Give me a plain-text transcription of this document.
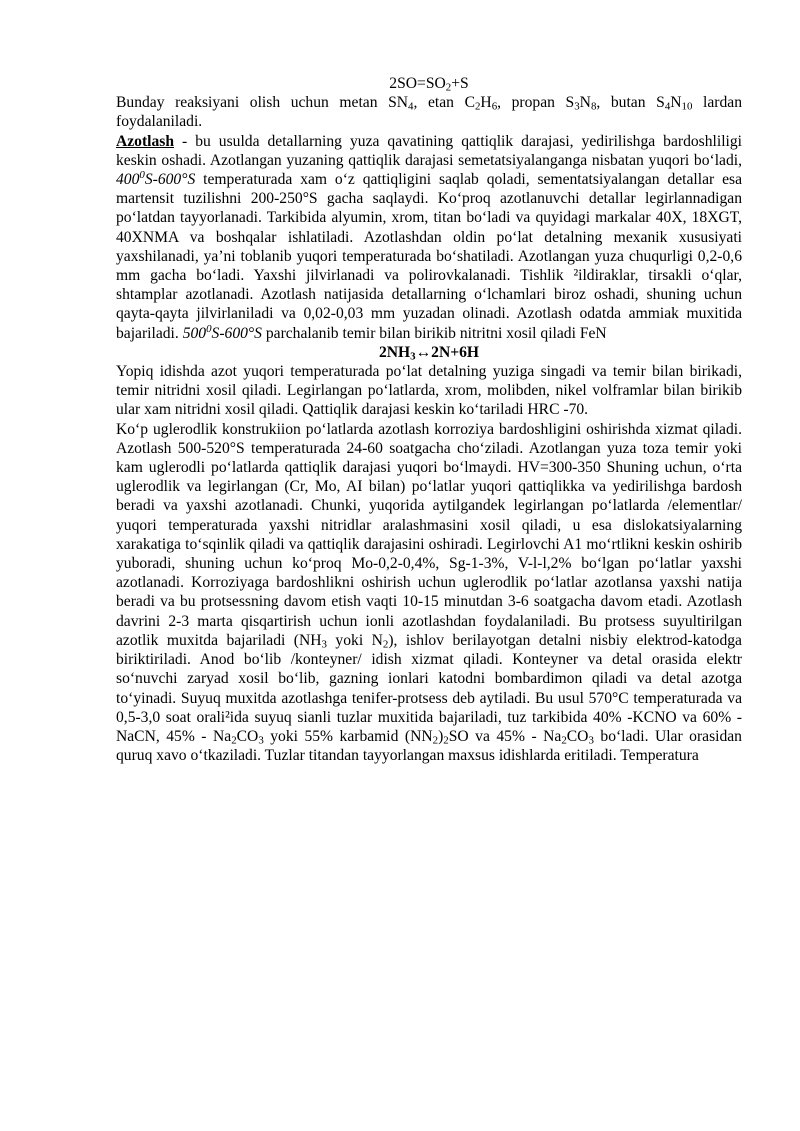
$2SO=SO_2+S$

Bunday reaksiyani olish uchun metan $SN_4$, etan $C_2H_6$, propan $S_3N_8$, butan $S_4N_{10}$ lardan foydalaniladi.

Azotlash - bu usulda detallarning yuza qavatining qattiqlik darajasi, yedirilishga bardoshliligi keskin oshadi. Azotlangan yuzaning qattiqlik darajasi semetatsiyalanganga nisbatan yuqori bo‘ladi, $400^0S-600^\circ S$ temperaturada xam o‘z qattiqligini saqlab qoladi, sementatsiyalangan detallar esa martensit tuzilishni 200-250°S gacha saqlaydi. Ko‘proq azotlanuvchi detallar legirlannadigan po‘latdan tayyorlanadi. Tarkibida alyumin, xrom, titan bo‘ladi va quyidagi markalar 40X, 18XGT, 40XNMA va boshqalar ishlatiladi. Azotlashdan oldin po‘lat detalning mexanik xususiyati yaxshilanadi, ya’ni toblanib yuqori temperaturada bo‘shatiladi. Azotlangan yuza chuqurligi 0,2-0,6 mm gacha bo‘ladi. Yaxshi jilvirlanadi va polirovkalanadi. Tishlik ²ildiraklar, tirsakli o‘qlar, shtamplar azotlanadi. Azotlash natijasida detallarning o‘lchamlari biroz oshadi, shuning uchun qayta-qayta jilvirlaniladi va 0,02-0,03 mm yuzadan olinadi. Azotlash odatda ammiak muxitida bajariladi. $500^0S-600^\circ S$ parchalanib temir bilan birikib nitritni xosil qiladi FeN

$2NH_3\leftrightarrow 2N+6H$

Yopiq idishda azot yuqori temperaturada po‘lat detalning yuziga singadi va temir bilan birikadi, temir nitridni xosil qiladi. Legirlangan po‘latlarda, xrom, molibden, nikel volframlar bilan birikib ular xam nitridni xosil qiladi. Qattiqlik darajasi keskin ko‘tariladi HRC -70.

Ko‘p uglerodlik konstrukiion po‘latlarda azotlash korroziya bardoshligini oshirishda xizmat qiladi. Azotlash 500-520°S temperaturada 24-60 soatgacha cho‘ziladi. Azotlangan yuza toza temir yoki kam uglerodli po‘latlarda qattiqlik darajasi yuqori bo‘lmaydi. HV=300-350 Shuning uchun, o‘rta uglerodlik va legirlangan (Cr, Mo, AI bilan) po‘latlar yuqori qattiqlikka va yedirilishga bardosh beradi va yaxshi azotlanadi. Chunki, yuqorida aytilgandek legirlangan po‘latlarda /elementlar/ yuqori temperaturada yaxshi nitridlar aralashmasini xosil qiladi, u esa dislokatsiyalarning xarakatiga to‘sqinlik qiladi va qattiqlik darajasini oshiradi. Legirlovchi A1 mo‘rtlikni keskin oshirib yuboradi, shuning uchun ko‘proq Mo-0,2-0,4%, Sg-1-3%, V-l-l,2% bo‘lgan po‘latlar yaxshi azotlanadi. Korroziyaga bardoshlikni oshirish uchun uglerodlik po‘latlar azotlansa yaxshi natija beradi va bu protsessning davom etish vaqti 10-15 minutdan 3-6 soatgacha davom etadi. Azotlash davrini 2-3 marta qisqartirish uchun ionli azotlashdan foydalaniladi. Bu protsess suyultirilgan azotlik muxitda bajariladi ($NH_3$ yoki $N_2$), ishlov berilayotgan detalni nisbiy elektrod-katodga biriktiriladi. Anod bo‘lib /konteyner/ idish xizmat qiladi. Konteyner va detal orasida elektr so‘nuvchi zaryad xosil bo‘lib, gazning ionlari katodni bombardimon qiladi va detal azotga to‘yinadi. Suyuq muxitda azotlashga tenifer-protsess deb aytiladi. Bu usul 570°C temperaturada va 0,5-3,0 soat orali²ida suyuq sianli tuzlar muxitida bajariladi, tuz tarkibida 40% -KCNO va 60% - NaCN, $45\% - Na_2CO_3$ yoki 55% karbamid $(NN_2)_2SO$ va $45\% - Na_2CO_3$ bo‘ladi. Ular orasidan quruq xavo o‘tkaziladi. Tuzlar titandan tayyorlangan maxsus idishlarda eritiladi. Temperatura
